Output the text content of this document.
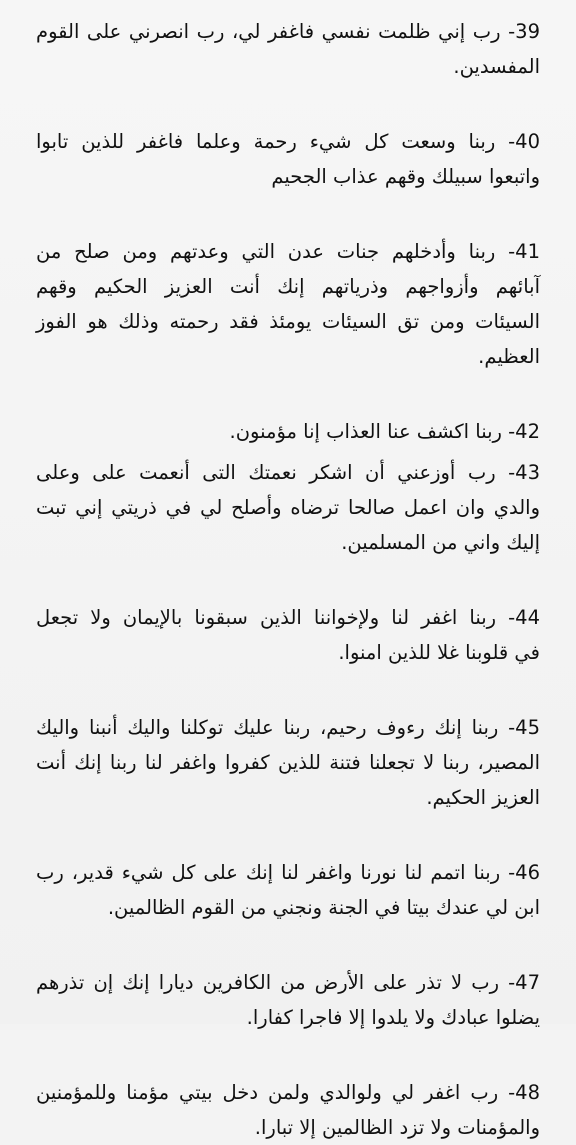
39- رب إني ظلمت نفسي فاغفر لي، رب انصرني على القوم
المفسدين.
40- ربنا وسعت كل شيء رحمة وعلما فاغفر للذين تابوا
واتبعوا سبيلك وقهم عذاب الجحيم
41- ربنا وأدخلهم جنات عدن التي وعدتهم ومن صلح من
آبائهم وأزواجهم وذرياتهم إنك أنت العزيز الحكيم وقهم
السيئات ومن تق السيئات يومئذ فقد رحمته وذلك هو الفوز
العظيم.
42- ربنا اكشف عنا العذاب إنا مؤمنون.
43- رب أوزعني أن اشكر نعمتك التى أنعمت على وعلى
والدي وان اعمل صالحا ترضاه وأصلح لي في ذريتي إني تبت
إليك واني من المسلمين.
44- ربنا اغفر لنا ولإخواننا الذين سبقونا بالإيمان ولا تجعل
في قلوبنا غلا للذين امنوا.
45- ربنا إنك رءوف رحيم، ربنا عليك توكلنا واليك أنبنا واليك
المصير، ربنا لا تجعلنا فتنة للذين كفروا واغفر لنا ربنا إنك أنت
العزيز الحكيم.
46- ربنا اتمم لنا نورنا واغفر لنا إنك على كل شيء قدير، رب
ابن لي عندك بيتا في الجنة ونجني من القوم الظالمين.
47- رب لا تذر على الأرض من الكافرين ديارا إنك إن تذرهم
يضلوا عبادك ولا يلدوا إلا فاجرا كفارا.
48- رب اغفر لي ولوالدي ولمن دخل بيتي مؤمنا وللمؤمنين
والمؤمنات ولا تزد الظالمين إلا تبارا.
